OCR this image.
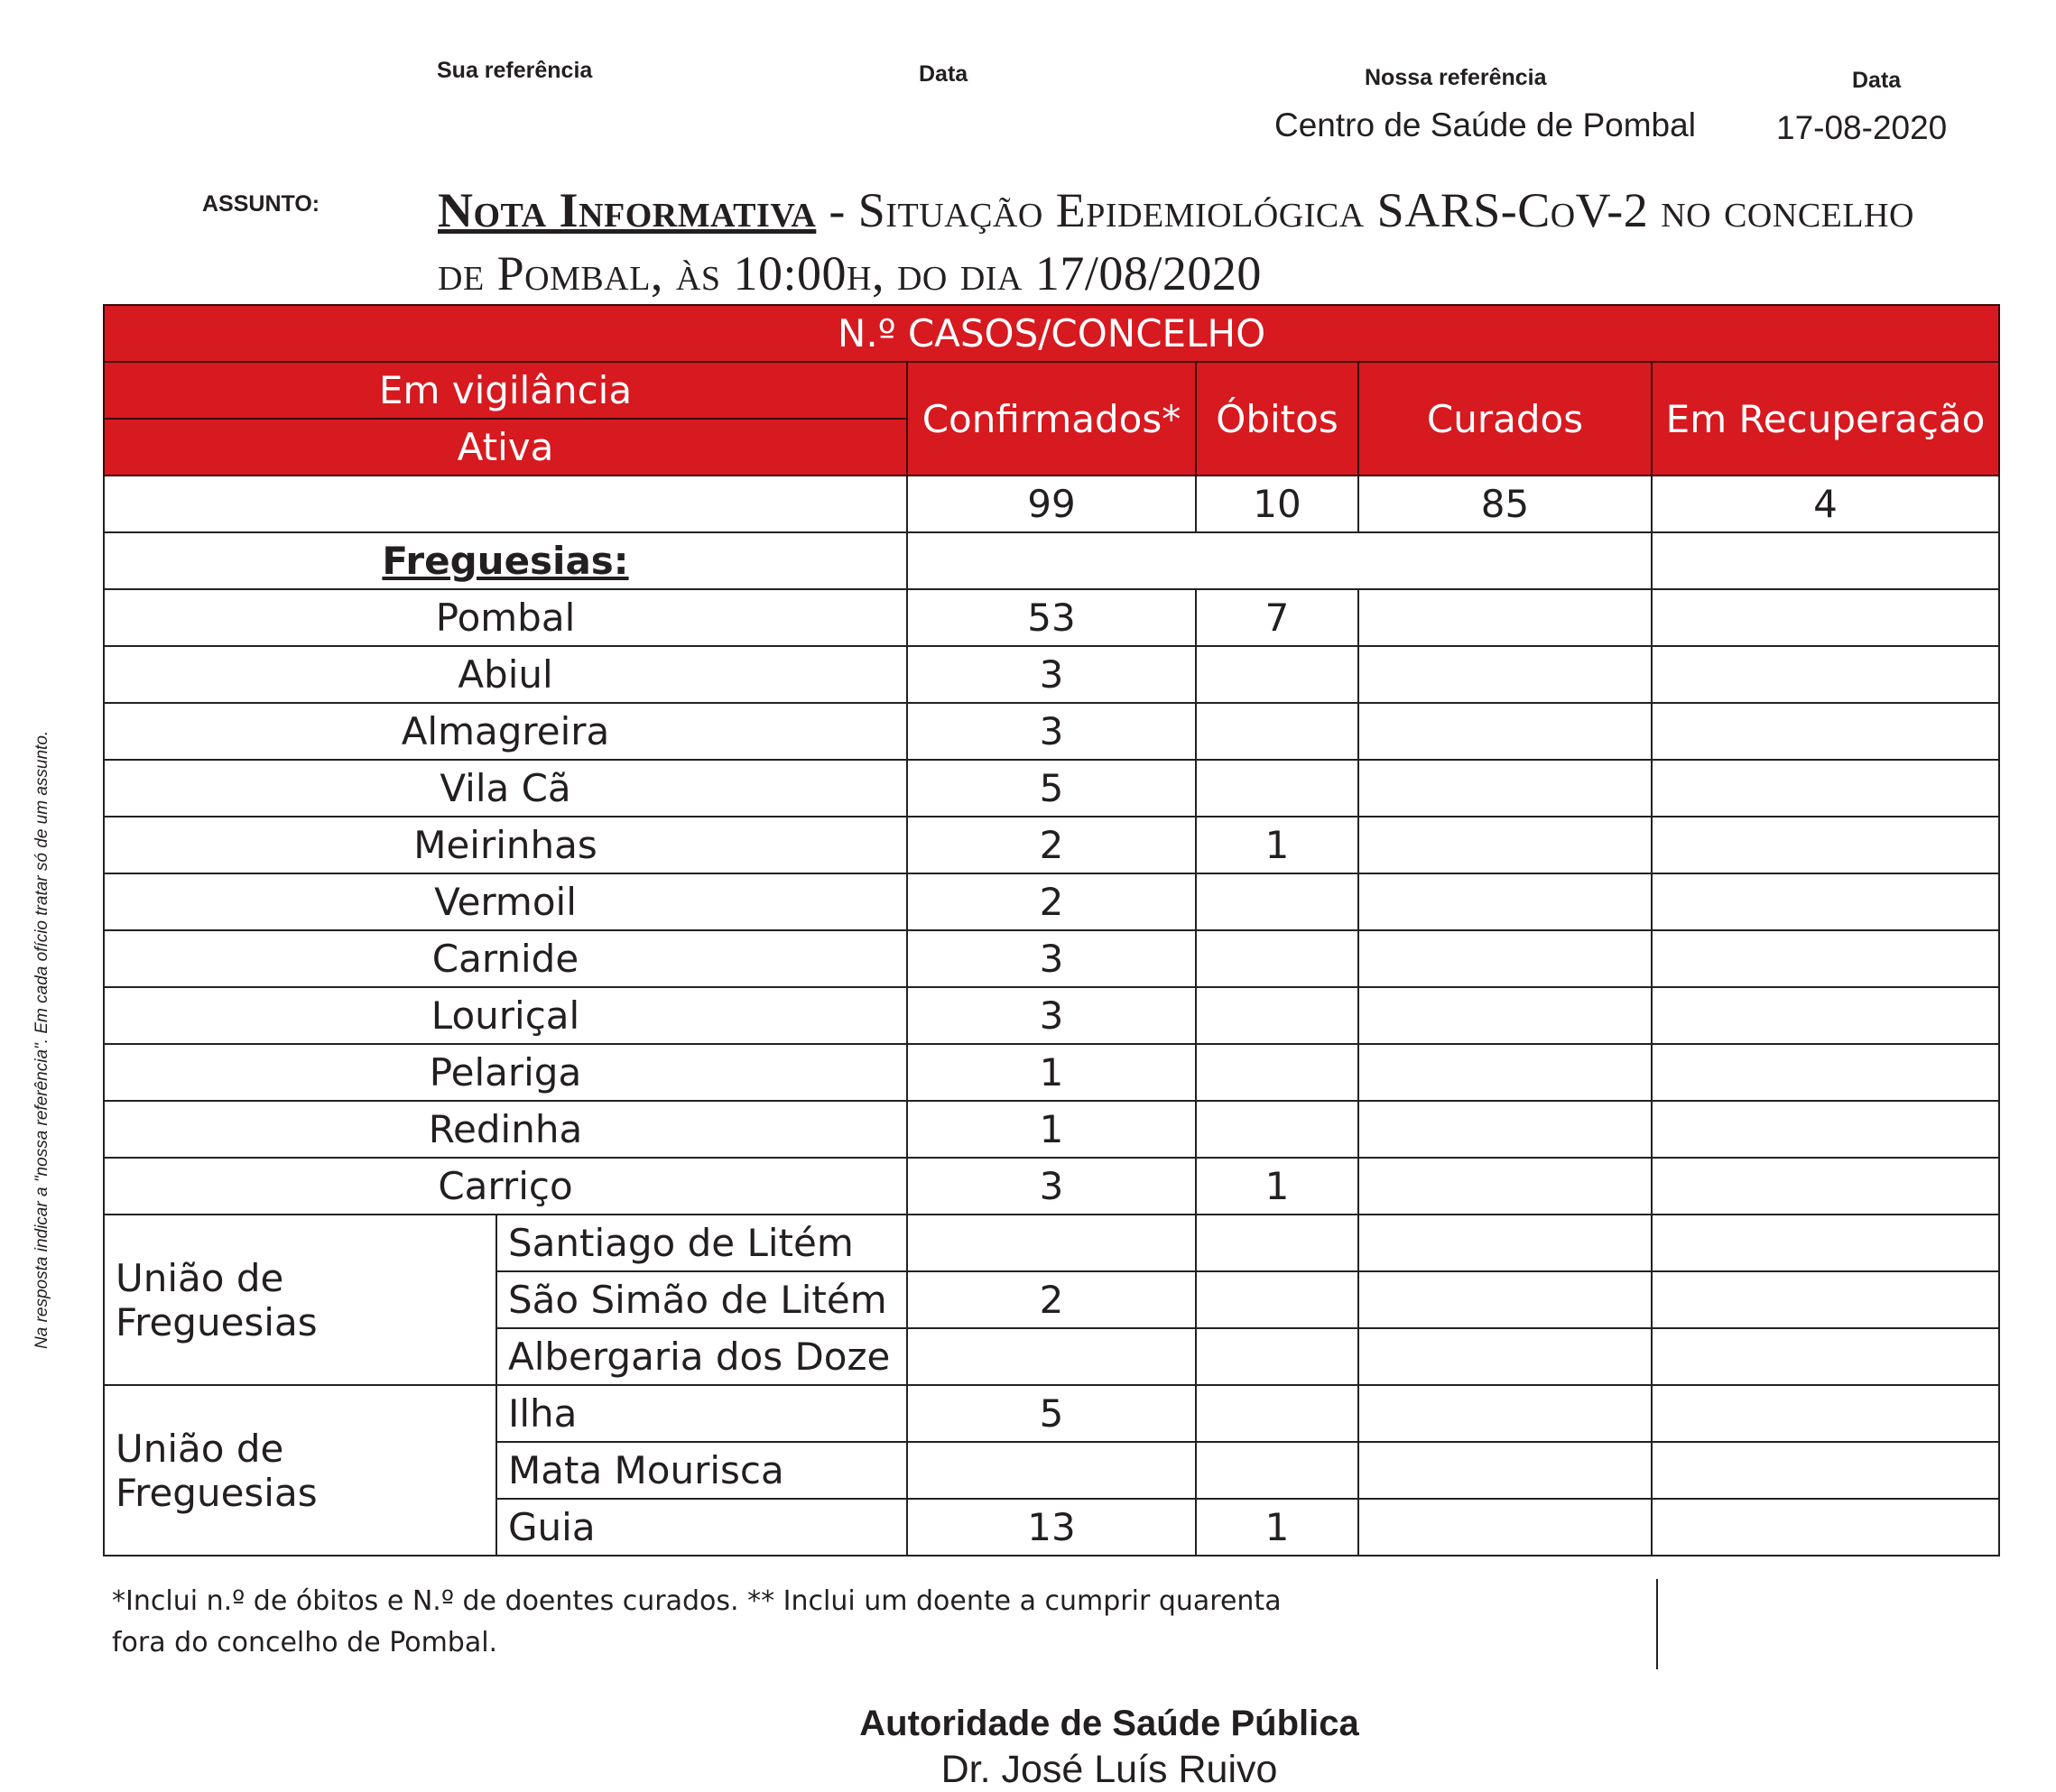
Sua referência	Data	Nossa referência	Data
Centro de Saúde de Pombal 17-08-2020
ASSUNTO: Nota Informativa - Situação Epidemiológica SARS-CoV-2 no concelho
de Pombal, às 10:00h, do dia 17/08/2020
Na resposta indicar a "nossa referência". Em cada ofício tratar só de um assunto.
N.º CASOS/CONCELHO					
Em vigilância		Confirmados*	Óbitos	Curados	Em Recuperação
Ativa					
		99	10	85	4
Freguesias:					
Pombal		53	7		
Abiul		3			
Almagreira		3			
Vila Cã		5			
Meirinhas		2	1		
Vermoil		2			
Carnide		3			
Louriçal		3			
Pelariga		1			
Redinha		1			
Carriço		3	1		
União de Freguesias	Santiago de Litém				
	São Simão de Litém	2			
	Albergaria dos Doze				
União de Freguesias	Ilha	5			
	Mata Mourisca				
	Guia	13	1		
*Inclui n.º de óbitos e N.º de doentes curados. ** Inclui um doente a cumprir quarenta
fora do concelho de Pombal.
Autoridade de Saúde Pública
Dr. José Luís Ruivo
